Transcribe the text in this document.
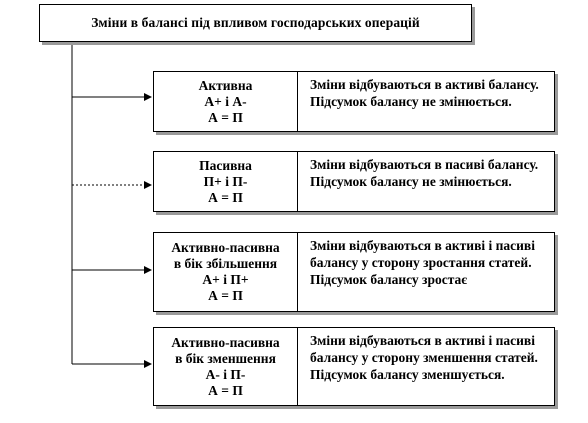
Зміни в балансі під впливом господарських операцій
Активна
А+ і А-
А = П
Зміни відбуваються в активі балансу. Підсумок балансу не змінюється.
Пасивна
П+ і П-
А = П
Зміни відбуваються в пасиві балансу. Підсумок балансу не змінюється.
Активно-пасивна
в бік збільшення
А+ і П+
А = П
Зміни відбуваються в активі і пасиві балансу у сторону зростання статей. Підсумок балансу зростає
Активно-пасивна
в бік зменшення
А- і П-
А = П
Зміни відбуваються в активі і пасиві балансу у сторону зменшення статей. Підсумок балансу зменшується.
